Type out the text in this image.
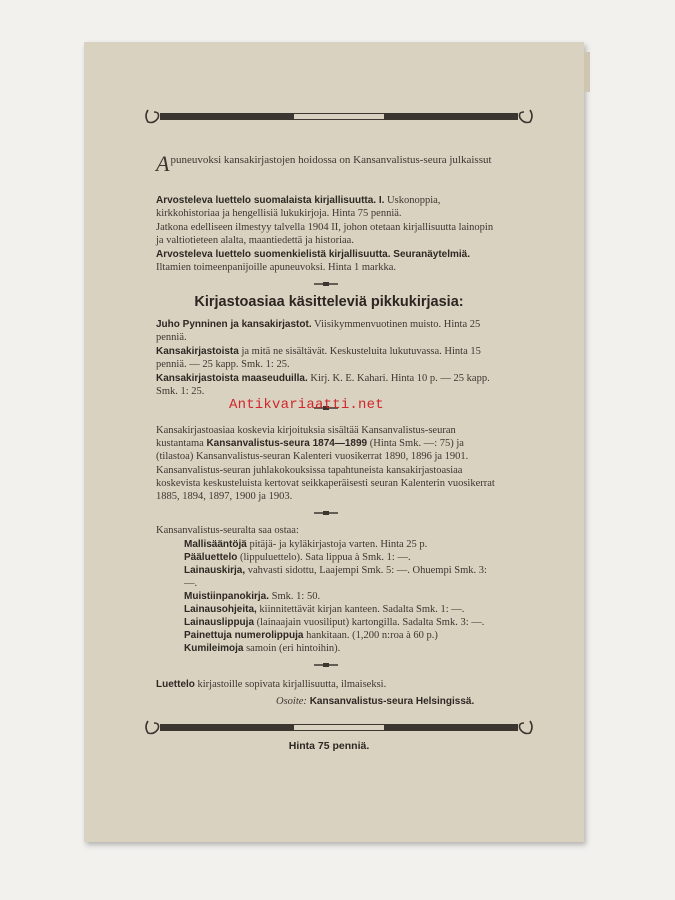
A puneuvoksi kansakirjastojen hoidossa on Kansanvalistus-seura julkaissut
Arvosteleva luettelo suomalaista kirjallisuutta. I. Uskonoppia, kirkkohistoriaa ja hengellisiä lukukirjoja. Hinta 75 penniä.
Jatkona edelliseen ilmestyy talvella 1904 II, johon otetaan kirjallisuutta lainopin ja valtiotieteen alalta, maantiedettä ja historiaa.
Arvosteleva luettelo suomenkielistä kirjallisuutta. Seuranäytelmiä. Iltamien toimeenpanijoille apuneuvoksi. Hinta 1 markka.
Kirjastoasiaa käsitteleviä pikkukirjasia:
Juho Pynninen ja kansakirjastot. Viisikymmenvuotinen muisto. Hinta 25 penniä.
Kansakirjastoista ja mitä ne sisältävät. Keskusteluita lukutuvassa. Hinta 15 penniä. — 25 kapp. Smk. 1: 25.
Kansakirjastoista maaseuduilla. Kirj. K. E. Kahari. Hinta 10 p. — 25 kapp. Smk. 1: 25.
Kansakirjastoasiaa koskevia kirjoituksia sisältää Kansanvalistus-seuran kustantama Kansanvalistus-seura 1874—1899 (Hinta Smk. —: 75) ja (tilastoa) Kansanvalistus-seuran Kalenteri vuosikerrat 1890, 1896 ja 1901.
Kansanvalistus-seuran juhlakokouksissa tapahtuneista kansakirjastoasiaa koskevista keskusteluista kertovat seikkaperäisesti seuran Kalenterin vuosikerrat 1885, 1894, 1897, 1900 ja 1903.
Kansanvalistus-seuralta saa ostaa:
Mallisääntöjä pitäjä- ja kyläkirjastoja varten. Hinta 25 p.
Pääluettelo (lippuluettelo). Sata lippua à Smk. 1: —.
Lainauskirja, vahvasti sidottu, Laajempi Smk. 5: —. Ohuempi Smk. 3: —.
Muistiinpanokirja. Smk. 1: 50.
Lainausohjeita, kiinnitettävät kirjan kanteen. Sadalta Smk. 1: —.
Lainauslippuja (lainaajain vuosiliput) kartongilla. Sadalta Smk. 3: —.
Painettuja numerolippuja hankitaan. (1,200 n:roa à 60 p.)
Kumileimoja samoin (eri hintoihin).
Luettelo kirjastoille sopivata kirjallisuutta, ilmaiseksi.
Osoite: Kansanvalistus-seura Helsingissä.
Hinta 75 penniä.
Antikvariaatti.net
